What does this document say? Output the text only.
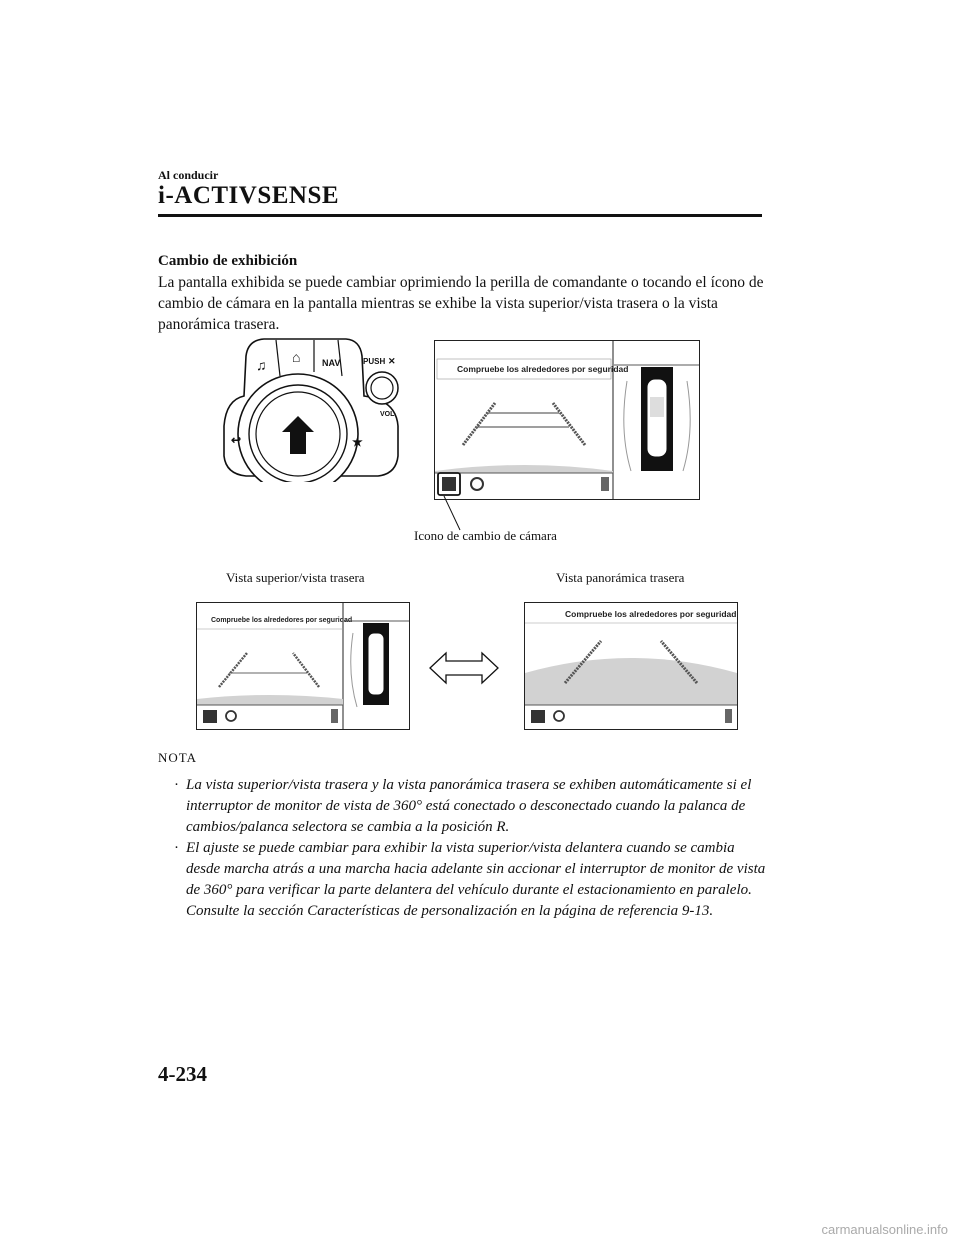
Al conducir
i-ACTIVSENSE
Cambio de exhibición
La pantalla exhibida se puede cambiar oprimiendo la perilla de comandante o tocando el ícono de cambio de cámara en la pantalla mientras se exhibe la vista superior/vista trasera o la vista panorámica trasera.
♫ ⌂ NAV
↩	★
PUSH ✕
VOL
Compruebe los alrededores por seguridad
Icono de cambio de cámara
Vista superior/vista trasera	Vista panorámica trasera
Compruebe los alrededores por seguridad
Compruebe los alrededores por seguridad
NOTA

· La vista superior/vista trasera y la vista panorámica trasera se exhiben automáticamente si el interruptor de monitor de vista de 360° está conectado o desconectado cuando la palanca de cambios/palanca selectora se cambia a la posición R.

· El ajuste se puede cambiar para exhibir la vista superior/vista delantera cuando se cambia desde marcha atrás a una marcha hacia adelante sin accionar el interruptor de monitor de vista de 360° para verificar la parte delantera del vehículo durante el estacionamiento en paralelo.

Consulte la sección Características de personalización en la página de referencia 9-13.

4-234
carmanualsonline.info
